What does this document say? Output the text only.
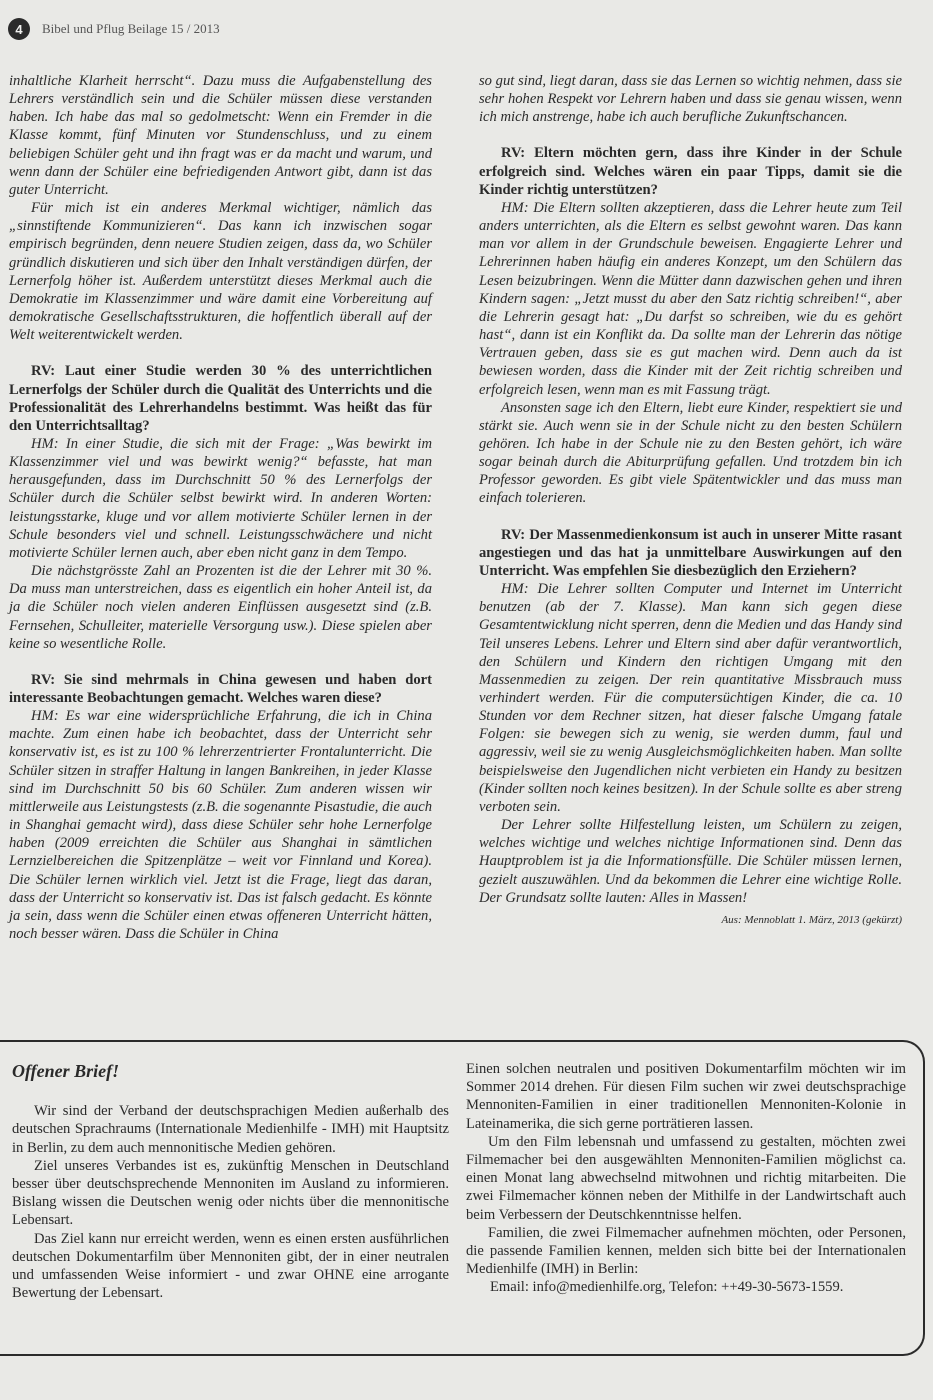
4	Bibel und Pflug Beilage 15 / 2013

inhaltliche Klarheit herrscht“. Dazu muss die Aufgabenstellung des Lehrers verständlich sein und die Schüler müssen diese verstanden haben. Ich habe das mal so gedolmetscht: Wenn ein Fremder in die Klasse kommt, fünf Minuten vor Stundenschluss, und zu einem beliebigen Schüler geht und ihn fragt was er da macht und warum, und wenn dann der Schüler eine befriedigenden Antwort gibt, dann ist das guter Unterricht.

Für mich ist ein anderes Merkmal wichtiger, nämlich das „sinnstiftende Kommunizieren“. Das kann ich inzwischen sogar empirisch begründen, denn neuere Studien zeigen, dass da, wo Schüler gründlich diskutieren und sich über den Inhalt verständigen dürfen, der Lernerfolg höher ist. Außerdem unterstützt dieses Merkmal auch die Demokratie im Klassenzimmer und wäre damit eine Vorbereitung auf demokratische Gesellschaftsstrukturen, die hoffentlich überall auf der Welt weiterentwickelt werden.

RV: Laut einer Studie werden 30 % des unterrichtlichen Lernerfolgs der Schüler durch die Qualität des Unterrichts und die Professionalität des Lehrerhandelns bestimmt. Was heißt das für den Unterrichtsalltag?

HM: In einer Studie, die sich mit der Frage: „Was bewirkt im Klassenzimmer viel und was bewirkt wenig?“ befasste, hat man herausgefunden, dass im Durchschnitt 50 % des Lernerfolgs der Schüler durch die Schüler selbst bewirkt wird. In anderen Worten: leistungsstarke, kluge und vor allem motivierte Schüler lernen in der Schule besonders viel und schnell. Leistungsschwächere und nicht motivierte Schüler lernen auch, aber eben nicht ganz in dem Tempo.

Die nächstgrösste Zahl an Prozenten ist die der Lehrer mit 30 %. Da muss man unterstreichen, dass es eigentlich ein hoher Anteil ist, da ja die Schüler noch vielen anderen Einflüssen ausgesetzt sind (z.B. Fernsehen, Schulleiter, materielle Versorgung usw.). Diese spielen aber keine so wesentliche Rolle.

RV: Sie sind mehrmals in China gewesen und haben dort interessante Beobachtungen gemacht. Welches waren diese?

HM: Es war eine widersprüchliche Erfahrung, die ich in China machte. Zum einen habe ich beobachtet, dass der Unterricht sehr konservativ ist, es ist zu 100 % lehrerzentrierter Frontalunterricht. Die Schüler sitzen in straffer Haltung in langen Bankreihen, in jeder Klasse sind im Durchschnitt 50 bis 60 Schüler. Zum anderen wissen wir mittlerweile aus Leistungstests (z.B. die sogenannte Pisastudie, die auch in Shanghai gemacht wird), dass diese Schüler sehr hohe Lernerfolge haben (2009 erreichten die Schüler aus Shanghai in sämtlichen Lernzielbereichen die Spitzenplätze – weit vor Finnland und Korea). Die Schüler lernen wirklich viel. Jetzt ist die Frage, liegt das daran, dass der Unterricht so konservativ ist. Das ist falsch gedacht. Es könnte ja sein, dass wenn die Schüler einen etwas offeneren Unterricht hätten, noch besser wären. Dass die Schüler in China

so gut sind, liegt daran, dass sie das Lernen so wichtig nehmen, dass sie sehr hohen Respekt vor Lehrern haben und dass sie genau wissen, wenn ich mich anstrenge, habe ich auch berufliche Zukunftschancen.

RV: Eltern möchten gern, dass ihre Kinder in der Schule erfolgreich sind. Welches wären ein paar Tipps, damit sie die Kinder richtig unterstützen?

HM: Die Eltern sollten akzeptieren, dass die Lehrer heute zum Teil anders unterrichten, als die Eltern es selbst gewohnt waren. Das kann man vor allem in der Grundschule beweisen. Engagierte Lehrer und Lehrerinnen haben häufig ein anderes Konzept, um den Schülern das Lesen beizubringen. Wenn die Mütter dann dazwischen gehen und ihren Kindern sagen: „Jetzt musst du aber den Satz richtig schreiben!“, aber die Lehrerin gesagt hat: „Du darfst so schreiben, wie du es gehört hast“, dann ist ein Konflikt da. Da sollte man der Lehrerin das nötige Vertrauen geben, dass sie es gut machen wird. Denn auch da ist bewiesen worden, dass die Kinder mit der Zeit richtig schreiben und erfolgreich lesen, wenn man es mit Fassung trägt.

Ansonsten sage ich den Eltern, liebt eure Kinder, respektiert sie und stärkt sie. Auch wenn sie in der Schule nicht zu den besten Schülern gehören. Ich habe in der Schule nie zu den Besten gehört, ich wäre sogar beinah durch die Abiturprüfung gefallen. Und trotzdem bin ich Professor geworden. Es gibt viele Spätentwickler und das muss man einfach tolerieren.

RV: Der Massenmedienkonsum ist auch in unserer Mitte rasant angestiegen und das hat ja unmittelbare Auswirkungen auf den Unterricht. Was empfehlen Sie diesbezüglich den Erziehern?

HM: Die Lehrer sollten Computer und Internet im Unterricht benutzen (ab der 7. Klasse). Man kann sich gegen diese Gesamtentwicklung nicht sperren, denn die Medien und das Handy sind Teil unseres Lebens. Lehrer und Eltern sind aber dafür verantwortlich, den Schülern und Kindern den richtigen Umgang mit den Massenmedien zu zeigen. Der rein quantitative Missbrauch muss verhindert werden. Für die computersüchtigen Kinder, die ca. 10 Stunden vor dem Rechner sitzen, hat dieser falsche Umgang fatale Folgen: sie bewegen sich zu wenig, sie werden dumm, faul und aggressiv, weil sie zu wenig Ausgleichsmöglichkeiten haben. Man sollte beispielsweise den Jugendlichen nicht verbieten ein Handy zu besitzen (Kinder sollten noch keines besitzen). In der Schule sollte es aber streng verboten sein.

Der Lehrer sollte Hilfestellung leisten, um Schülern zu zeigen, welches wichtige und welches nichtige Informationen sind. Denn das Hauptproblem ist ja die Informationsfülle. Die Schüler müssen lernen, gezielt auszuwählen. Und da bekommen die Lehrer eine wichtige Rolle. Der Grundsatz sollte lauten: Alles in Massen!

Aus: Mennoblatt 1. März, 2013 (gekürzt)

Offener Brief!

Wir sind der Verband der deutschsprachigen Medien außerhalb des deutschen Sprachraums (Internationale Medienhilfe - IMH) mit Hauptsitz in Berlin, zu dem auch mennonitische Medien gehören.

Ziel unseres Verbandes ist es, zukünftig Menschen in Deutschland besser über deutschsprechende Mennoniten im Ausland zu informieren. Bislang wissen die Deutschen wenig oder nichts über die mennonitische Lebensart.

Das Ziel kann nur erreicht werden, wenn es einen ersten ausführlichen deutschen Dokumentarfilm über Mennoniten gibt, der in einer neutralen und umfassenden Weise informiert - und zwar OHNE eine arrogante Bewertung der Lebensart.

Einen solchen neutralen und positiven Dokumentarfilm möchten wir im Sommer 2014 drehen. Für diesen Film suchen wir zwei deutschsprachige Mennoniten-Familien in einer traditionellen Mennoniten-Kolonie in Lateinamerika, die sich gerne porträtieren lassen.

Um den Film lebensnah und umfassend zu gestalten, möchten zwei Filmemacher bei den ausgewählten Mennoniten-Familien möglichst ca. einen Monat lang abwechselnd mitwohnen und richtig mitarbeiten. Die zwei Filmemacher können neben der Mithilfe in der Landwirtschaft auch beim Verbessern der Deutschkenntnisse helfen.

Familien, die zwei Filmemacher aufnehmen möchten, oder Personen, die passende Familien kennen, melden sich bitte bei der Internationalen Medienhilfe (IMH) in Berlin:

Email: info@medienhilfe.org, Telefon: ++49-30-5673-1559.
